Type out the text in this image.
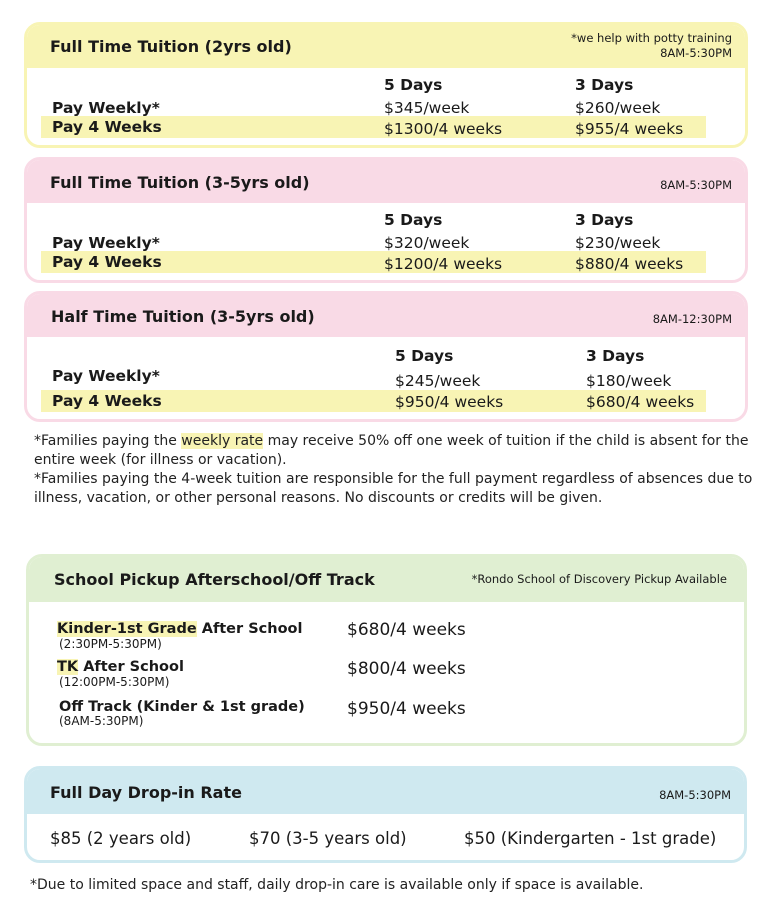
Full Time Tuition (2yrs old)	*we help with potty training
8AM-5:30PM
5 Days	3 Days
Pay Weekly*	$345/week	$260/week
Pay 4 Weeks	$1300/4 weeks	$955/4 weeks
Full Time Tuition (3-5yrs old)	8AM-5:30PM
5 Days	3 Days
Pay Weekly*	$320/week	$230/week
Pay 4 Weeks	$1200/4 weeks	$880/4 weeks
Half Time Tuition (3-5yrs old)	8AM-12:30PM
5 Days	3 Days
Pay Weekly*	$245/week	$180/week
Pay 4 Weeks	$950/4 weeks	$680/4 weeks
*Families paying the weekly rate may receive 50% off one week of tuition if the child is absent for the entire week (for illness or vacation).
*Families paying the 4-week tuition are responsible for the full payment regardless of absences due to illness, vacation, or other personal reasons. No discounts or credits will be given.
School Pickup Afterschool/Off Track	*Rondo School of Discovery Pickup Available
Kinder-1st Grade After School
(2:30PM-5:30PM)
$680/4 weeks
TK After School
(12:00PM-5:30PM)
$800/4 weeks
Off Track (Kinder & 1st grade)
(8AM-5:30PM)
$950/4 weeks
Full Day Drop-in Rate	8AM-5:30PM
$85 (2 years old)	$70 (3-5 years old)	$50 (Kindergarten - 1st grade)
*Due to limited space and staff, daily drop-in care is available only if space is available.
